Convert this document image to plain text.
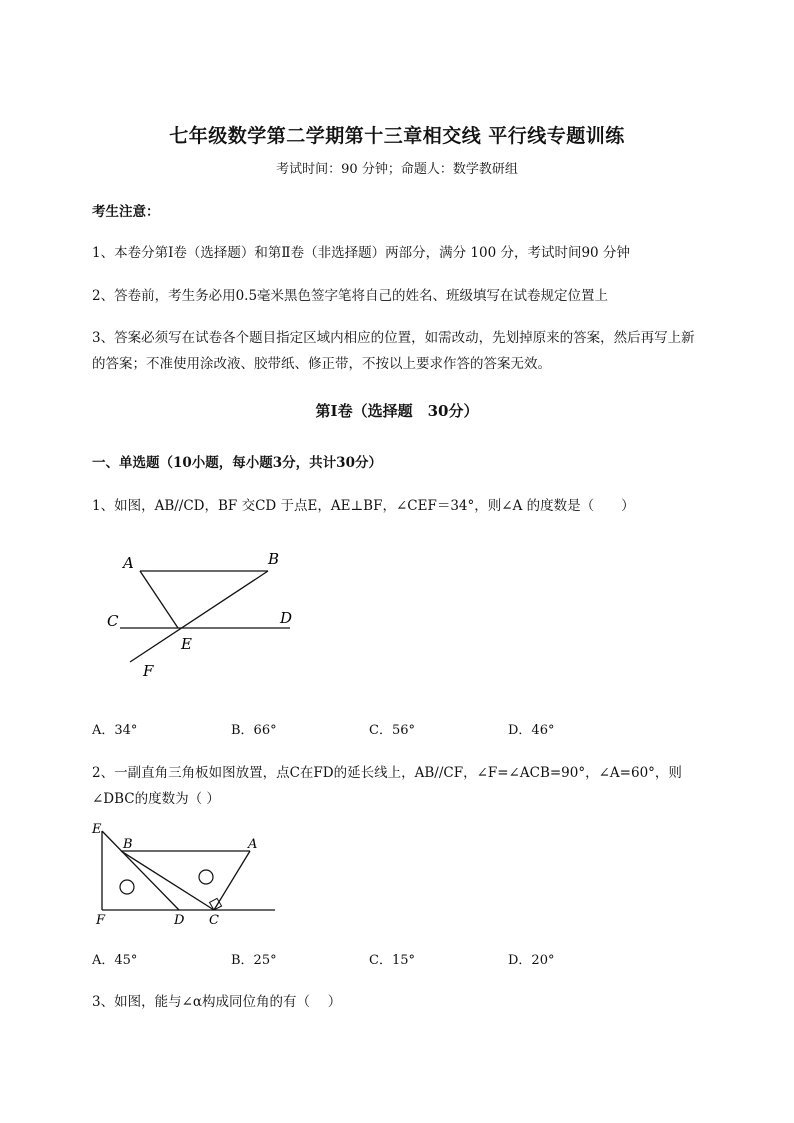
七年级数学第二学期第十三章相交线 平行线专题训练
考试时间：90 分钟；命题人：数学教研组
考生注意：
1、本卷分第Ⅰ卷（选择题）和第Ⅱ卷（非选择题）两部分，满分 100 分，考试时间90 分钟
2、答卷前，考生务必用0.5毫米黑色签字笔将自己的姓名、班级填写在试卷规定位置上
3、答案必须写在试卷各个题目指定区域内相应的位置，如需改动，先划掉原来的答案，然后再写上新
的答案；不准使用涂改液、胶带纸、修正带，不按以上要求作答的答案无效。
第Ⅰ卷（选择题　30分）
一、单选题（10小题，每小题3分，共计30分）
1、如图，AB//CD，BF 交CD 于点E，AE⊥BF，∠CEF＝34°，则∠A 的度数是（　　）
A	B
C	D
E
F
A．34°	B．66°	C．56°	D．46°
2、一副直角三角板如图放置，点C在FD的延长线上，AB//CF，∠F=∠ACB=90°，∠A=60°，则
∠DBC的度数为（ ）
E
B	A
F	D C
A．45°	B．25°	C．15°	D．20°
3、如图，能与∠α构成同位角的有（　 ）
